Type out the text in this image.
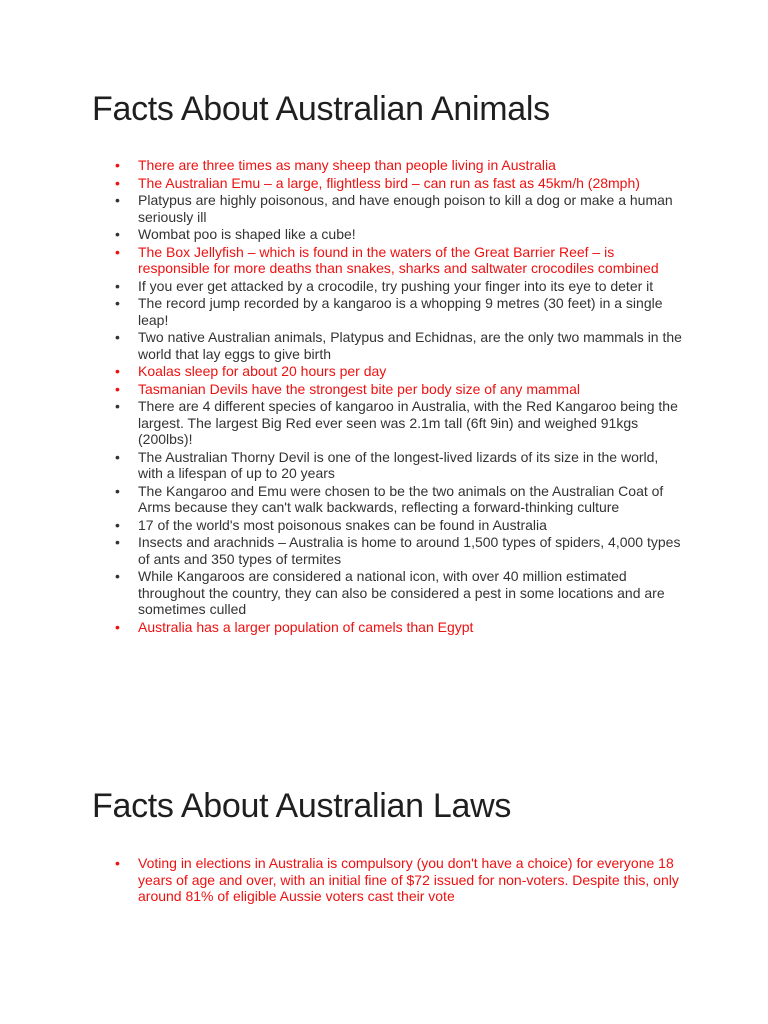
Facts About Australian Animals
• There are three times as many sheep than people living in Australia
• The Australian Emu – a large, flightless bird – can run as fast as 45km/h (28mph)
• Platypus are highly poisonous, and have enough poison to kill a dog or make a human seriously ill
• Wombat poo is shaped like a cube!
• The Box Jellyfish – which is found in the waters of the Great Barrier Reef – is responsible for more deaths than snakes, sharks and saltwater crocodiles combined
• If you ever get attacked by a crocodile, try pushing your finger into its eye to deter it
• The record jump recorded by a kangaroo is a whopping 9 metres (30 feet) in a single leap!
• Two native Australian animals, Platypus and Echidnas, are the only two mammals in the world that lay eggs to give birth
• Koalas sleep for about 20 hours per day
• Tasmanian Devils have the strongest bite per body size of any mammal
• There are 4 different species of kangaroo in Australia, with the Red Kangaroo being the largest. The largest Big Red ever seen was 2.1m tall (6ft 9in) and weighed 91kgs (200lbs)!
• The Australian Thorny Devil is one of the longest-lived lizards of its size in the world, with a lifespan of up to 20 years
• The Kangaroo and Emu were chosen to be the two animals on the Australian Coat of Arms because they can't walk backwards, reflecting a forward-thinking culture
• 17 of the world's most poisonous snakes can be found in Australia
• Insects and arachnids – Australia is home to around 1,500 types of spiders, 4,000 types of ants and 350 types of termites
• While Kangaroos are considered a national icon, with over 40 million estimated throughout the country, they can also be considered a pest in some locations and are sometimes culled
• Australia has a larger population of camels than Egypt
Facts About Australian Laws
• Voting in elections in Australia is compulsory (you don't have a choice) for everyone 18 years of age and over, with an initial fine of $72 issued for non-voters. Despite this, only around 81% of eligible Aussie voters cast their vote
